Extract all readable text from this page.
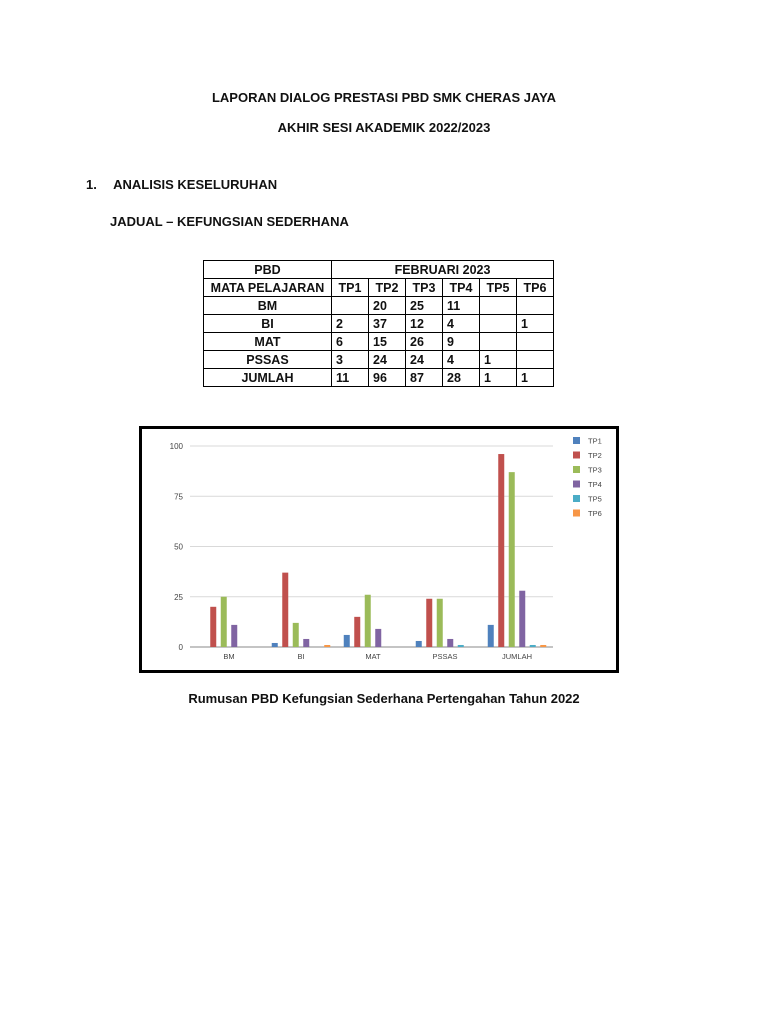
LAPORAN DIALOG PRESTASI PBD SMK CHERAS JAYA
AKHIR SESI AKADEMIK 2022/2023
1. ANALISIS KESELURUHAN
JADUAL – KEFUNGSIAN SEDERHANA
PBD	FEBRUARI 2023					
MATA PELAJARAN	TP1	TP2	TP3	TP4	TP5	TP6
BM		20	25	11		
BI	2	37	12	4		1
MAT	6	15	26	9		
PSSAS	3	24	24	4	1	
JUMLAH	11	96	87	28	1	1
0
25
50
75
100
BM	BI	MAT	PSSAS	JUMLAH
TP1
TP2
TP3
TP4
TP5
TP6
Rumusan PBD Kefungsian Sederhana Pertengahan Tahun 2022
